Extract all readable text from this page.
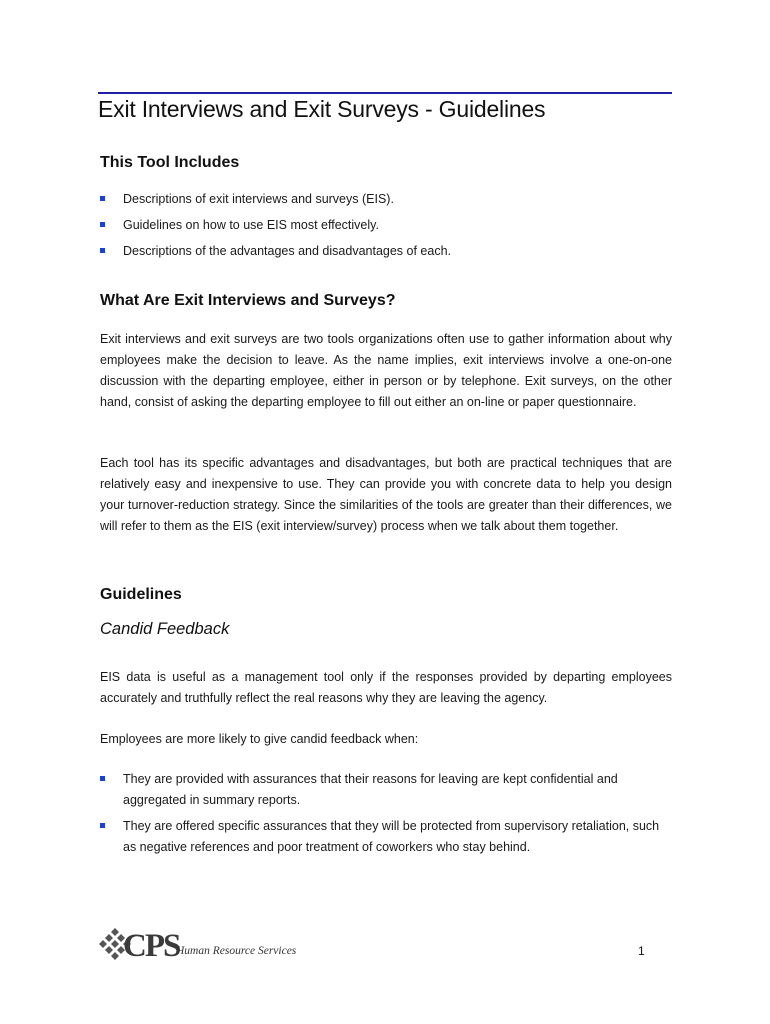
Exit Interviews and Exit Surveys - Guidelines
This Tool Includes
Descriptions of exit interviews and surveys (EIS).
Guidelines on how to use EIS most effectively.
Descriptions of the advantages and disadvantages of each.
What Are Exit Interviews and Surveys?

Exit interviews and exit surveys are two tools organizations often use to gather information about why employees make the decision to leave. As the name implies, exit interviews involve a one-on-one discussion with the departing employee, either in person or by telephone. Exit surveys, on the other hand, consist of asking the departing employee to fill out either an on-line or paper questionnaire.

Each tool has its specific advantages and disadvantages, but both are practical techniques that are relatively easy and inexpensive to use. They can provide you with concrete data to help you design your turnover-reduction strategy. Since the similarities of the tools are greater than their differences, we will refer to them as the EIS (exit interview/survey) process when we talk about them together.

Guidelines
Candid Feedback

EIS data is useful as a management tool only if the responses provided by departing employees accurately and truthfully reflect the real reasons why they are leaving the agency.

Employees are more likely to give candid feedback when:

They are provided with assurances that their reasons for leaving are kept confidential and aggregated in summary reports.
They are offered specific assurances that they will be protected from supervisory retaliation, such as negative references and poor treatment of coworkers who stay behind.
CPS
Human Resource Services	1
